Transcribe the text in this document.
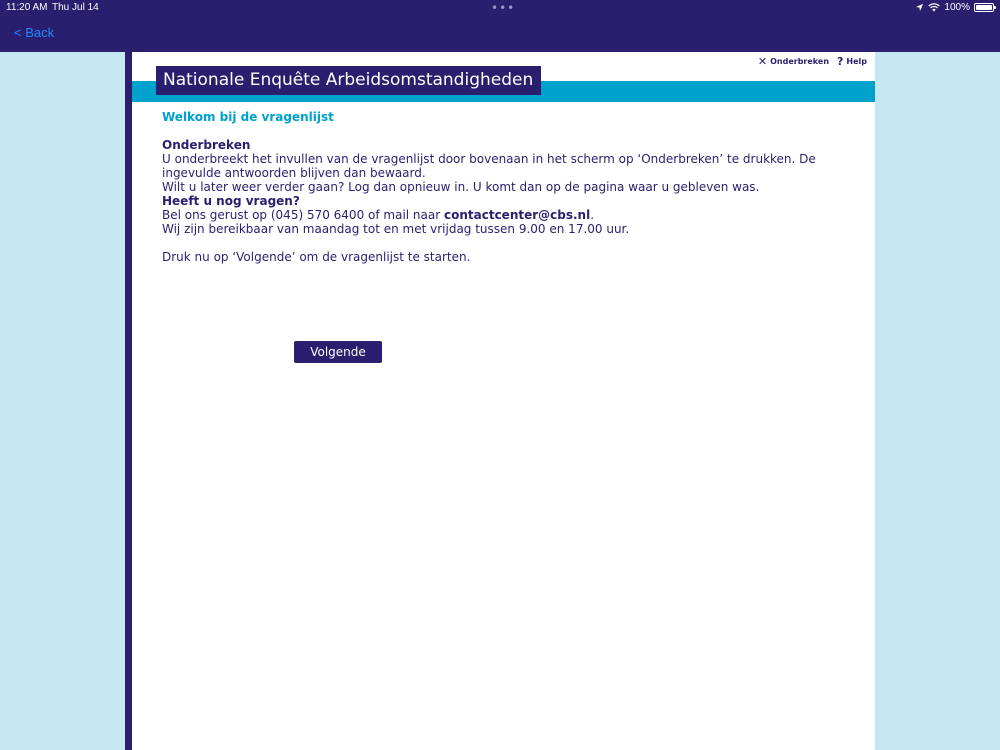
11:20 AM Thu Jul 14	•••	100%
< Back
✕ Onderbreken ? Help
Nationale Enquête Arbeidsomstandigheden
Welkom bij de vragenlijst

Onderbreken

U onderbreekt het invullen van de vragenlijst door bovenaan in het scherm op ‘Onderbreken’ te drukken. De ingevulde antwoorden blijven dan bewaard.

Wilt u later weer verder gaan? Log dan opnieuw in. U komt dan op de pagina waar u gebleven was.

Heeft u nog vragen?

Bel ons gerust op (045) 570 6400 of mail naar contactcenter@cbs.nl.

Wij zijn bereikbaar van maandag tot en met vrijdag tussen 9.00 en 17.00 uur.

Druk nu op ‘Volgende’ om de vragenlijst te starten.

Volgende
